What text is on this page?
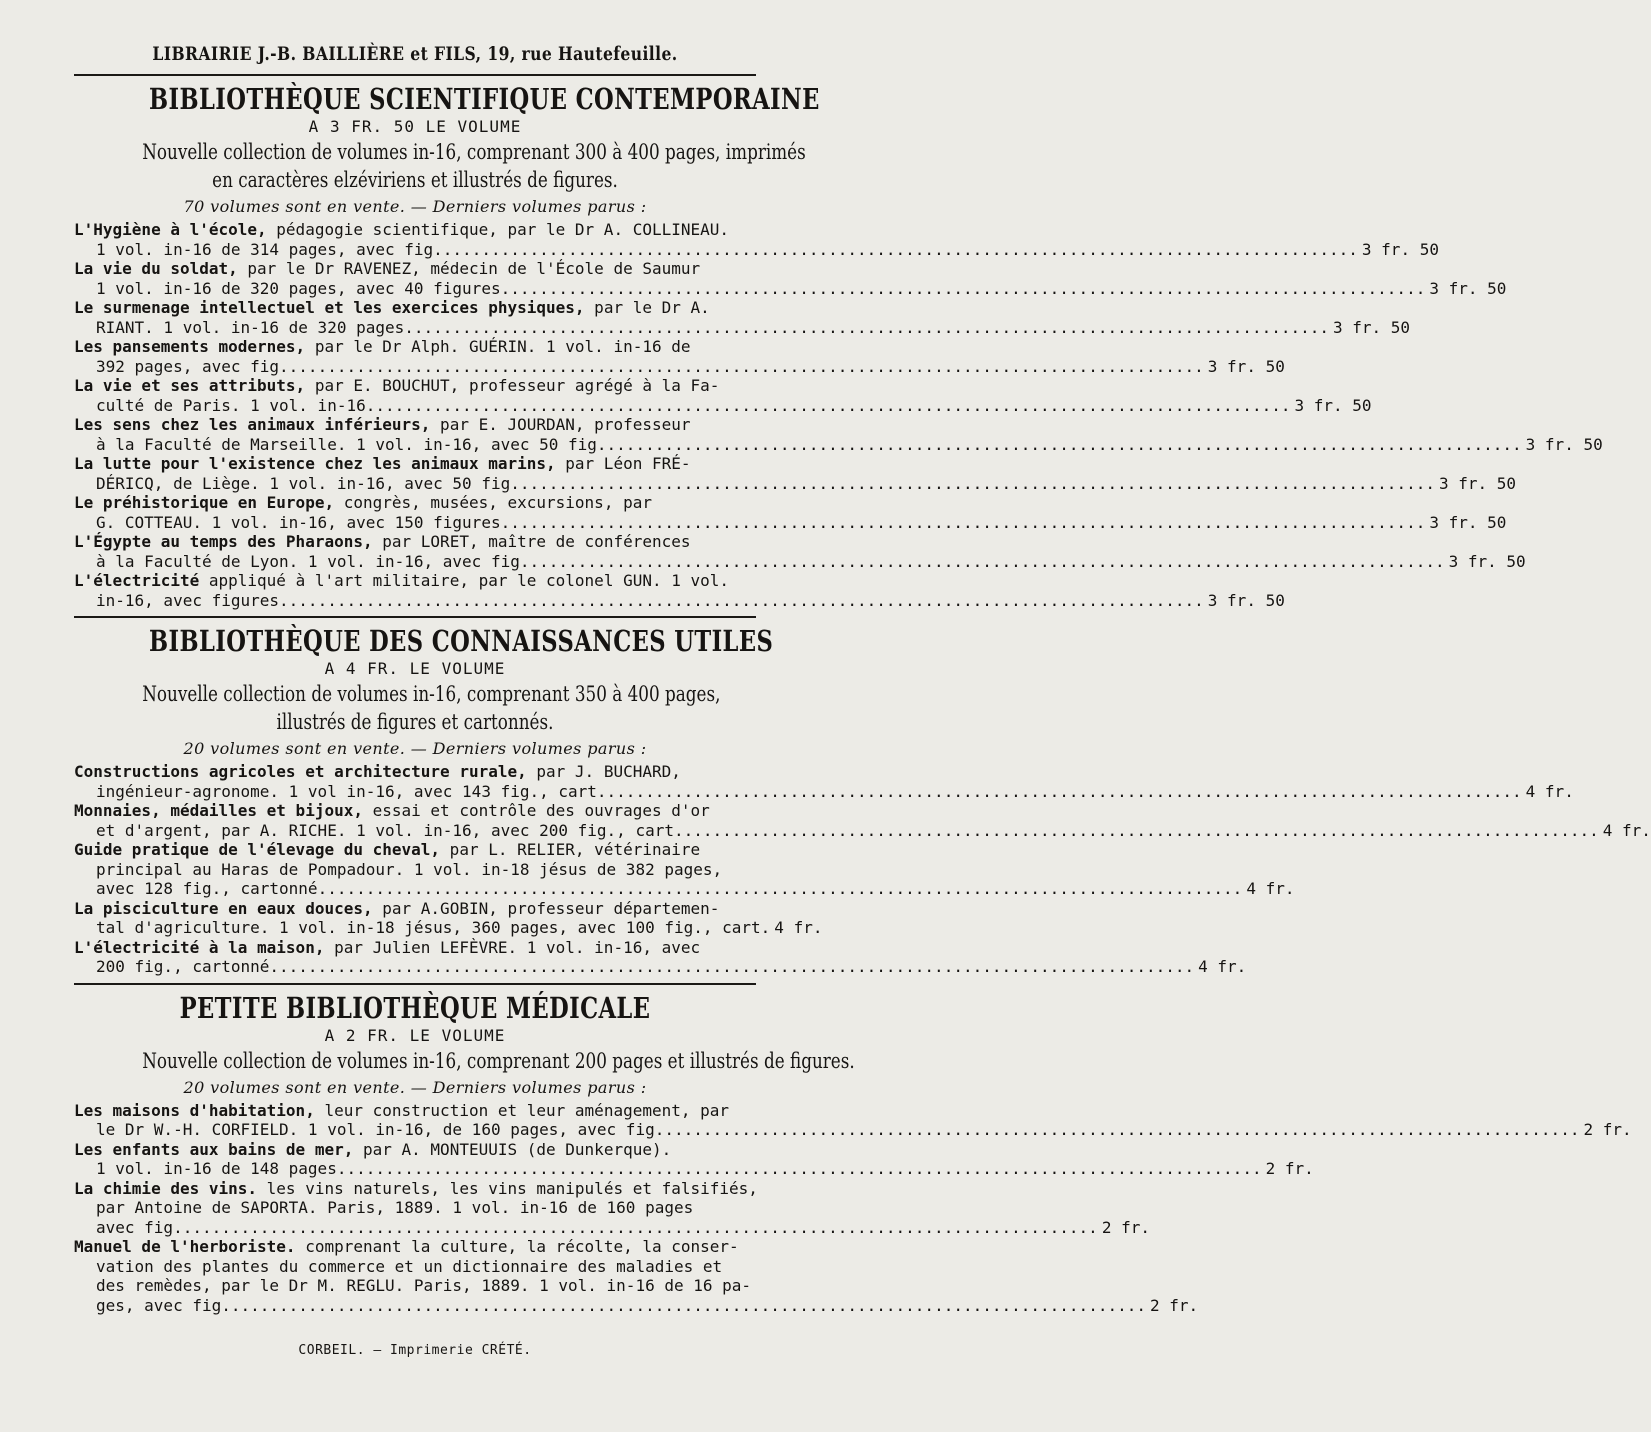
LIBRAIRIE J.-B. BAILLIÈRE et FILS, 19, rue Hautefeuille.
BIBLIOTHÈQUE SCIENTIFIQUE CONTEMPORAINE
A 3 FR. 50 LE VOLUME
Nouvelle collection de volumes in-16, comprenant 300 à 400 pages, imprimés
en caractères elzéviriens et illustrés de figures.
70 volumes sont en vente. — Derniers volumes parus :
L'Hygiène à l'école, pédagogie scientifique, par le Dr A. COLLINEAU.
1 vol. in-16 de 314 pages, avec fig .....	3 fr. 50
La vie du soldat, par le Dr RAVENEZ, médecin de l'École de Saumur
1 vol. in-16 de 320 pages, avec 40 figures .....	3 fr. 50
Le surmenage intellectuel et les exercices physiques, par le Dr A.
RIANT. 1 vol. in-16 de 320 pages .....	3 fr. 50
Les pansements modernes, par le Dr Alph. GUÉRIN. 1 vol. in-16 de
392 pages, avec fig .....	3 fr. 50
La vie et ses attributs, par E. BOUCHUT, professeur agrégé à la Fa-
culté de Paris. 1 vol. in-16 .....	3 fr. 50
Les sens chez les animaux inférieurs, par E. JOURDAN, professeur
à la Faculté de Marseille. 1 vol. in-16, avec 50 fig .....	3 fr. 50
La lutte pour l'existence chez les animaux marins, par Léon FRÉ-
DÉRICQ, de Liège. 1 vol. in-16, avec 50 fig .....	3 fr. 50
Le préhistorique en Europe, congrès, musées, excursions, par
G. COTTEAU. 1 vol. in-16, avec 150 figures .....	3 fr. 50
L'Égypte au temps des Pharaons, par LORET, maître de conférences
à la Faculté de Lyon. 1 vol. in-16, avec fig .....	3 fr. 50
L'électricité appliqué à l'art militaire, par le colonel GUN. 1 vol.
in-16, avec figures .....	3 fr. 50
BIBLIOTHÈQUE DES CONNAISSANCES UTILES
A 4 FR. LE VOLUME
Nouvelle collection de volumes in-16, comprenant 350 à 400 pages,
illustrés de figures et cartonnés.
20 volumes sont en vente. — Derniers volumes parus :
Constructions agricoles et architecture rurale, par J. BUCHARD,
ingénieur-agronome. 1 vol in-16, avec 143 fig., cart .....	4 fr.
Monnaies, médailles et bijoux, essai et contrôle des ouvrages d'or
et d'argent, par A. RICHE. 1 vol. in-16, avec 200 fig., cart .....	4 fr.
Guide pratique de l'élevage du cheval, par L. RELIER, vétérinaire
principal au Haras de Pompadour. 1 vol. in-18 jésus de 382 pages,
avec 128 fig., cartonné .....	4 fr.
La pisciculture en eaux douces, par A.GOBIN, professeur départemen-
tal d'agriculture. 1 vol. in-18 jésus, 360 pages, avec 100 fig., cart. 4 fr.
L'électricité à la maison, par Julien LEFÈVRE. 1 vol. in-16, avec
200 fig., cartonné .....	4 fr.
PETITE BIBLIOTHÈQUE MÉDICALE
A 2 FR. LE VOLUME
Nouvelle collection de volumes in-16, comprenant 200 pages et illustrés de figures.
20 volumes sont en vente. — Derniers volumes parus :
Les maisons d'habitation, leur construction et leur aménagement, par
le Dr W.-H. CORFIELD. 1 vol. in-16, de 160 pages, avec fig .....	2 fr.
Les enfants aux bains de mer, par A. MONTEUUIS (de Dunkerque).
1 vol. in-16 de 148 pages .....	2 fr.
La chimie des vins. les vins naturels, les vins manipulés et falsifiés,
par Antoine de SAPORTA. Paris, 1889. 1 vol. in-16 de 160 pages
avec fig .....	2 fr.
Manuel de l'herboriste. comprenant la culture, la récolte, la conser-
vation des plantes du commerce et un dictionnaire des maladies et
des remèdes, par le Dr M. REGLU. Paris, 1889. 1 vol. in-16 de 16 pa-
ges, avec fig .....	2 fr.
CORBEIL. — Imprimerie CRÉTÉ.
